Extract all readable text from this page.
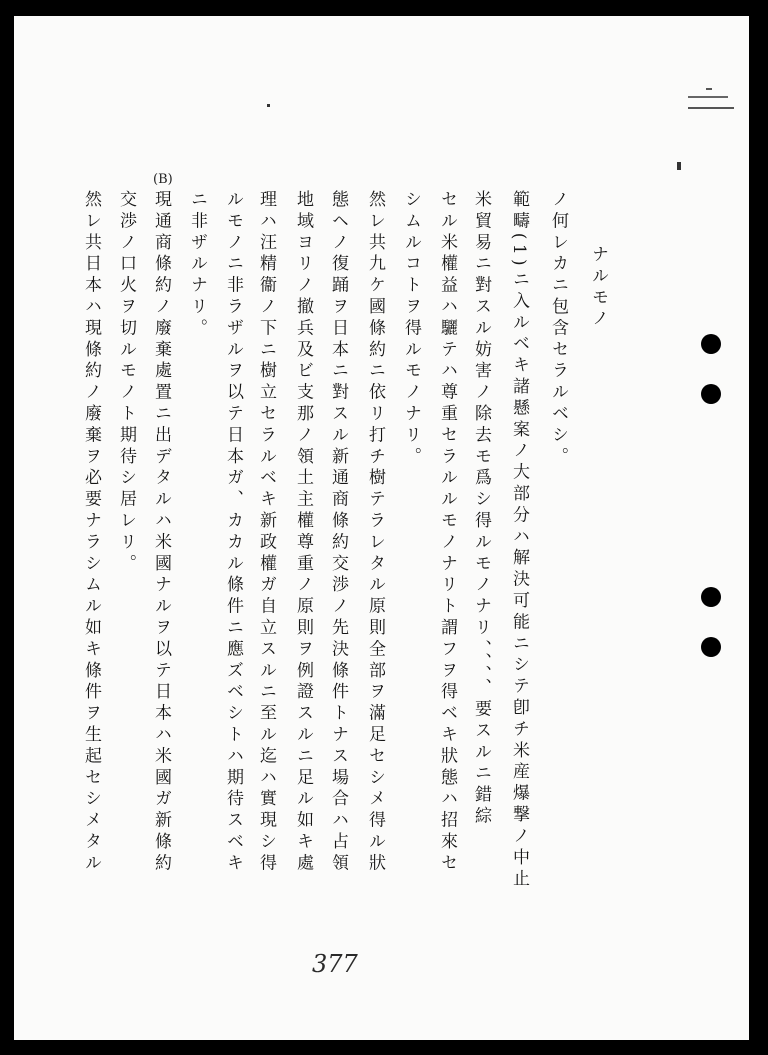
(B)
ナルモノ
ノ何レカニ包含セラルベシ。
範疇(1)ニ入ルベキ諸懸案ノ大部分ハ解決可能ニシテ卽チ米産爆撃ノ中止
米貿易ニ對スル妨害ノ除去モ爲シ得ルモノナリ、、、、要スルニ錯綜
セル米權益ハ驪テハ尊重セラルルモノナリト謂フヲ得ベキ狀態ハ招來セ
シムルコトヲ得ルモノナリ。
然レ共九ケ國條約ニ依リ打チ樹テラレタル原則全部ヲ滿足セシメ得ル狀
態ヘノ復踊ヲ日本ニ對スル新通商條約交渉ノ先決條件トナス場合ハ占領
地域ヨリノ撤兵及ビ支那ノ領土主權尊重ノ原則ヲ例證スルニ足ル如キ處
理ハ汪精衞ノ下ニ樹立セラルベキ新政權ガ自立スルニ至ル迄ハ實現シ得
ルモノニ非ラザルヲ以テ日本ガ、カカル條件ニ應ズベシトハ期待スベキ
ニ非ザルナリ。
現通商條約ノ廢棄處置ニ出デタルハ米國ナルヲ以テ日本ハ米國ガ新條約
交渉ノ口火ヲ切ルモノト期待シ居レリ。
然レ共日本ハ現條約ノ廢棄ヲ必要ナラシムル如キ條件ヲ生起セシメタル
377
